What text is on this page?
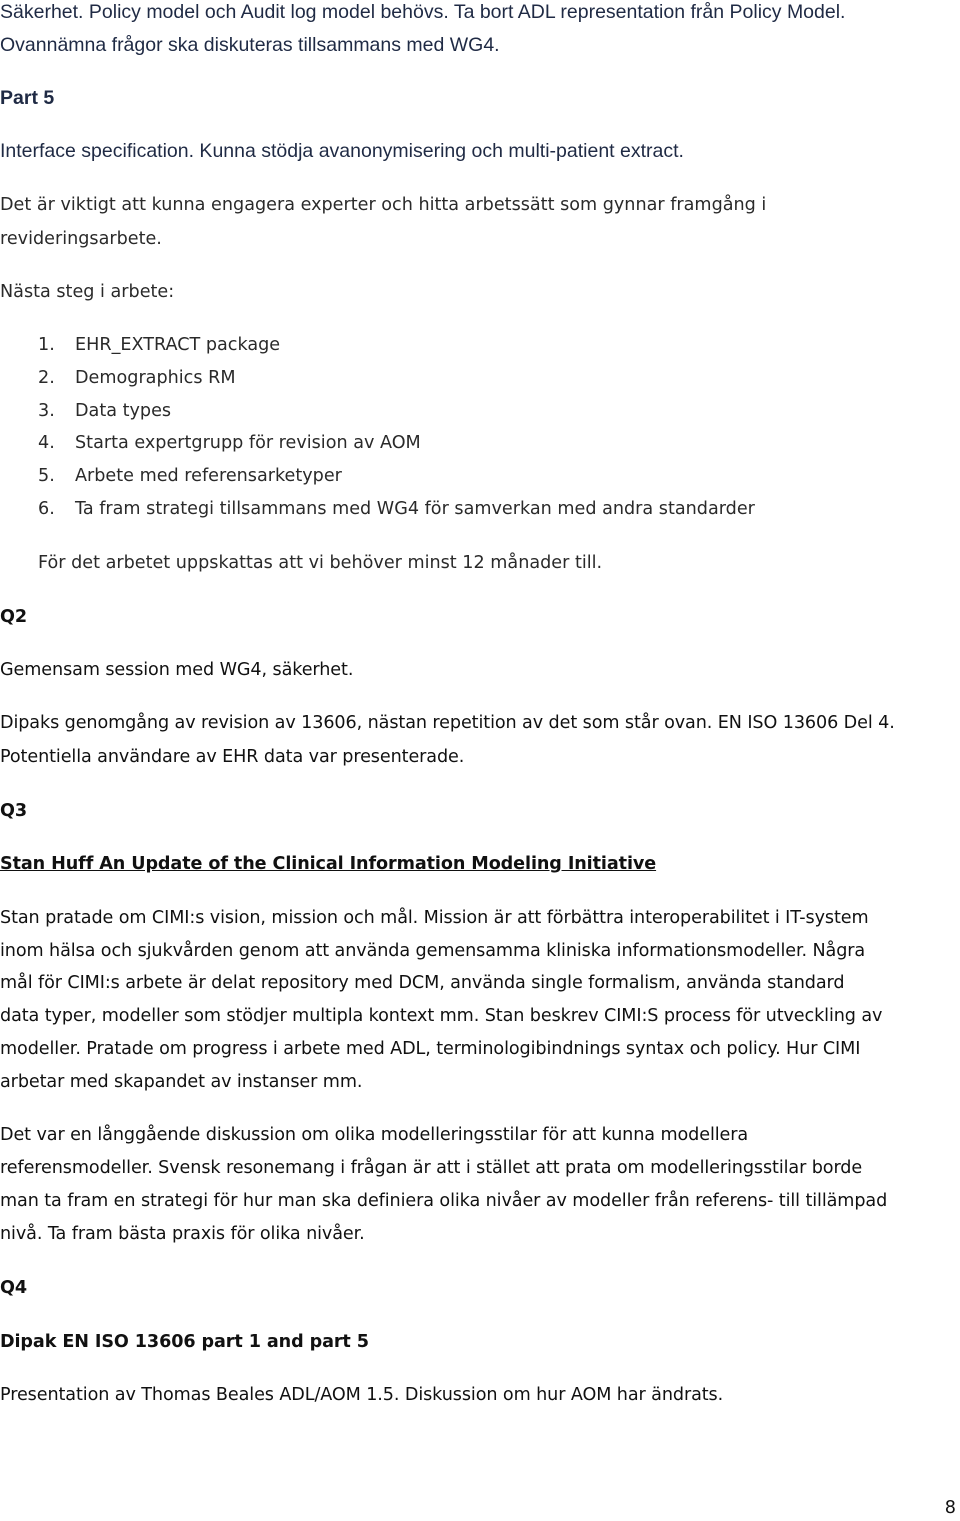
Säkerhet. Policy model och Audit log model behövs. Ta bort ADL representation från Policy Model.
Ovannämna frågor ska diskuteras tillsammans med WG4.
Part 5
Interface specification. Kunna stödja avanonymisering och multi-patient extract.
Det är viktigt att kunna engagera experter och hitta arbetssätt som gynnar framgång i
revideringsarbete.
Nästa steg i arbete:
1.	EHR_EXTRACT package
2.	Demographics RM
3.	Data types
4.	Starta expertgrupp för revision av AOM
5.	Arbete med referensarketyper
6.	Ta fram strategi tillsammans med WG4 för samverkan med andra standarder
För det arbetet uppskattas att vi behöver minst 12 månader till.
Q2
Gemensam session med WG4, säkerhet.
Dipaks genomgång av revision av 13606, nästan repetition av det som står ovan. EN ISO 13606 Del 4.
Potentiella användare av EHR data var presenterade.
Q3
Stan Huff An Update of the Clinical Information Modeling Initiative
Stan pratade om CIMI:s vision, mission och mål. Mission är att förbättra interoperabilitet i IT-system
inom hälsa och sjukvården genom att använda gemensamma kliniska informationsmodeller. Några
mål för CIMI:s arbete är delat repository med DCM, använda single formalism, använda standard
data typer, modeller som stödjer multipla kontext mm. Stan beskrev CIMI:S process för utveckling av
modeller. Pratade om progress i arbete med ADL, terminologibindnings syntax och policy. Hur CIMI
arbetar med skapandet av instanser mm.
Det var en långgående diskussion om olika modelleringsstilar för att kunna modellera
referensmodeller. Svensk resonemang i frågan är att i stället att prata om modelleringsstilar borde
man ta fram en strategi för hur man ska definiera olika nivåer av modeller från referens- till tillämpad
nivå. Ta fram bästa praxis för olika nivåer.
Q4
Dipak EN ISO 13606 part 1 and part 5
Presentation av Thomas Beales ADL/AOM 1.5. Diskussion om hur AOM har ändrats.
8
